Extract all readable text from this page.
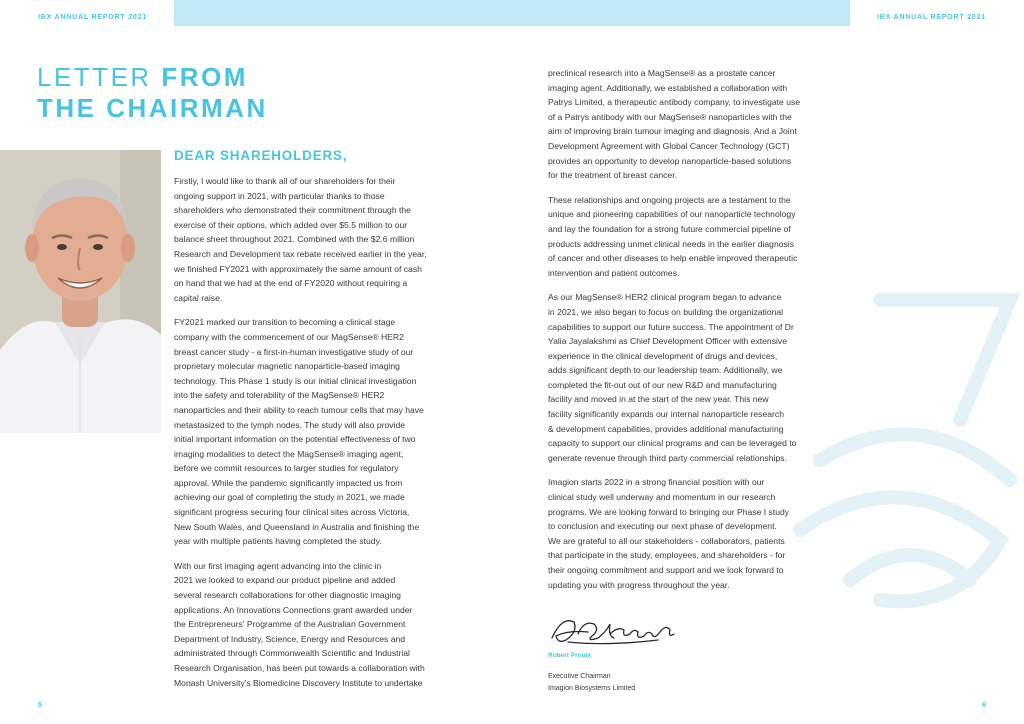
IBX ANNUAL REPORT 2021	IBX ANNUAL REPORT 2021
LETTER FROM
THE CHAIRMAN
DEAR SHAREHOLDERS,

Firstly, I would like to thank all of our shareholders for their
ongoing support in 2021, with particular thanks to those
shareholders who demonstrated their commitment through the
exercise of their options, which added over $5.5 million to our
balance sheet throughout 2021. Combined with the $2.6 million
Research and Development tax rebate received earlier in the year,
we finished FY2021 with approximately the same amount of cash
on hand that we had at the end of FY2020 without requiring a
capital raise.

FY2021 marked our transition to becoming a clinical stage
company with the commencement of our MagSense® HER2
breast cancer study - a first-in-human investigative study of our
proprietary molecular magnetic nanoparticle-based imaging
technology. This Phase 1 study is our initial clinical investigation
into the safety and tolerability of the MagSense® HER2
nanoparticles and their ability to reach tumour cells that may have
metastasized to the lymph nodes. The study will also provide
initial important information on the potential effectiveness of two
imaging modalities to detect the MagSense® imaging agent,
before we commit resources to larger studies for regulatory
approval. While the pandemic significantly impacted us from
achieving our goal of completing the study in 2021, we made
significant progress securing four clinical sites across Victoria,
New South Wales, and Queensland in Australia and finishing the
year with multiple patients having completed the study.

With our first imaging agent advancing into the clinic in
2021 we looked to expand our product pipeline and added
several research collaborations for other diagnostic imaging
applications. An Innovations Connections grant awarded under
the Entrepreneurs' Programme of the Australian Government
Department of Industry, Science, Energy and Resources and
administrated through Commonwealth Scientific and Industrial
Research Organisation, has been put towards a collaboration with
Monash University's Biomedicine Discovery Institute to undertake

preclinical research into a MagSense® as a prostate cancer
imaging agent. Additionally, we established a collaboration with
Patrys Limited, a therapeutic antibody company, to investigate use
of a Patrys antibody with our MagSense® nanoparticles with the
aim of improving brain tumour imaging and diagnosis. And a Joint
Development Agreement with Global Cancer Technology (GCT)
provides an opportunity to develop nanoparticle-based solutions
for the treatment of breast cancer.

These relationships and ongoing projects are a testament to the
unique and pioneering capabilities of our nanoparticle technology
and lay the foundation for a strong future commercial pipeline of
products addressing unmet clinical needs in the earlier diagnosis
of cancer and other diseases to help enable improved therapeutic
intervention and patient outcomes.

As our MagSense® HER2 clinical program began to advance
in 2021, we also began to focus on building the organizational
capabilities to support our future success. The appointment of Dr
Yalia Jayalakshmi as Chief Development Officer with extensive
experience in the clinical development of drugs and devices,
adds significant depth to our leadership team. Additionally, we
completed the fit-out out of our new R&D and manufacturing
facility and moved in at the start of the new year. This new
facility significantly expands our internal nanoparticle research
& development capabilities, provides additional manufacturing
capacity to support our clinical programs and can be leveraged to
generate revenue through third party commercial relationships.

Imagion starts 2022 in a strong financial position with our
clinical study well underway and momentum in our research
programs. We are looking forward to bringing our Phase I study
to conclusion and executing our next phase of development.
We are grateful to all our stakeholders - collaborators, patients
that participate in the study, employees, and shareholders - for
their ongoing commitment and support and we look forward to
updating you with progress throughout the year.

Robert Proulx
Executive Chairman
Imagion Biosystems Limited
5	6
